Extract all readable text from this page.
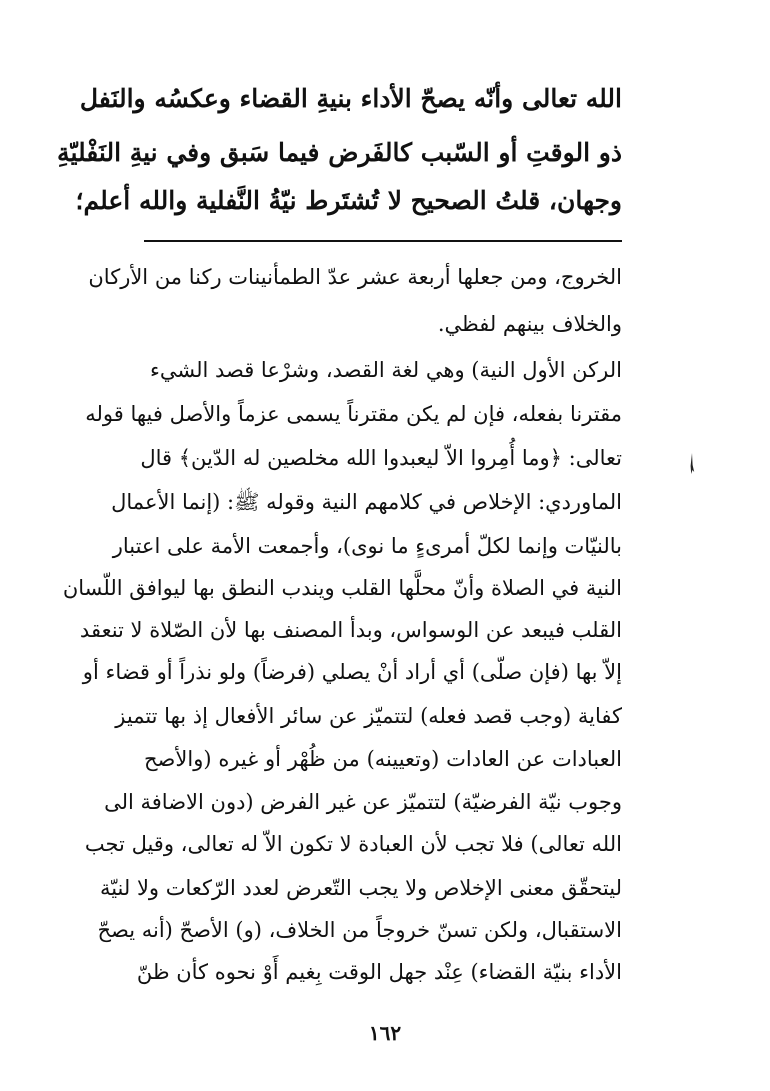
الله تعالى وأنّه يصحّ الأداء بنيةِ القضاء وعكسُه والنَفل
ذو الوقتِ أو السّبب كالفَرض فيما سَبق وفي نيةِ النَفْليّةِ
وجهان، قلتُ الصحيح لا تُشتَرط نيّةُ النَّفلية والله أعلم؛
الخروج، ومن جعلها أربعة عشر عدّ الطمأنينات ركنا من الأركان
والخلاف بينهم لفظي.
الركن الأول النية) وهي لغة القصد، وشرْعا قصد الشيء
مقترنا بفعله، فإن لم يكن مقترناً يسمى عزماً والأصل فيها قوله
تعالى: ﴿وما أُمِروا الاّ ليعبدوا الله مخلصين له الدّين﴾ قال
الماوردي: الإخلاص في كلامهم النية وقوله ﷺ: (إنما الأعمال
بالنيّات وإنما لكلّ أمرىءٍ ما نوى)، وأجمعت الأمة على اعتبار
النية في الصلاة وأنّ محلَّها القلب ويندب النطق بها ليوافق اللّسان
القلب فيبعد عن الوسواس، وبدأ المصنف بها لأن الصّلاة لا تنعقد
إلاّ بها (فإن صلّى) أي أراد أنْ يصلي (فرضاً) ولو نذراً أو قضاء أو
كفاية (وجب قصد فعله) لتتميّز عن سائر الأفعال إذ بها تتميز
العبادات عن العادات (وتعيينه) من ظُهْر أو غيره (والأصح
وجوب نيّة الفرضيّة) لتتميّز عن غير الفرض (دون الاضافة الى
الله تعالى) فلا تجب لأن العبادة لا تكون الاّ له تعالى، وقيل تجب
ليتحقّق معنى الإخلاص ولا يجب التّعرض لعدد الرّكعات ولا لنيّة
الاستقبال، ولكن تسنّ خروجاً من الخلاف، (و) الأصحّ (أنه يصحّ
الأداء بنيّة القضاء) عِنْد جهل الوقت بِغيم أَوْ نحوه كأن ظنّ
١٦٢
